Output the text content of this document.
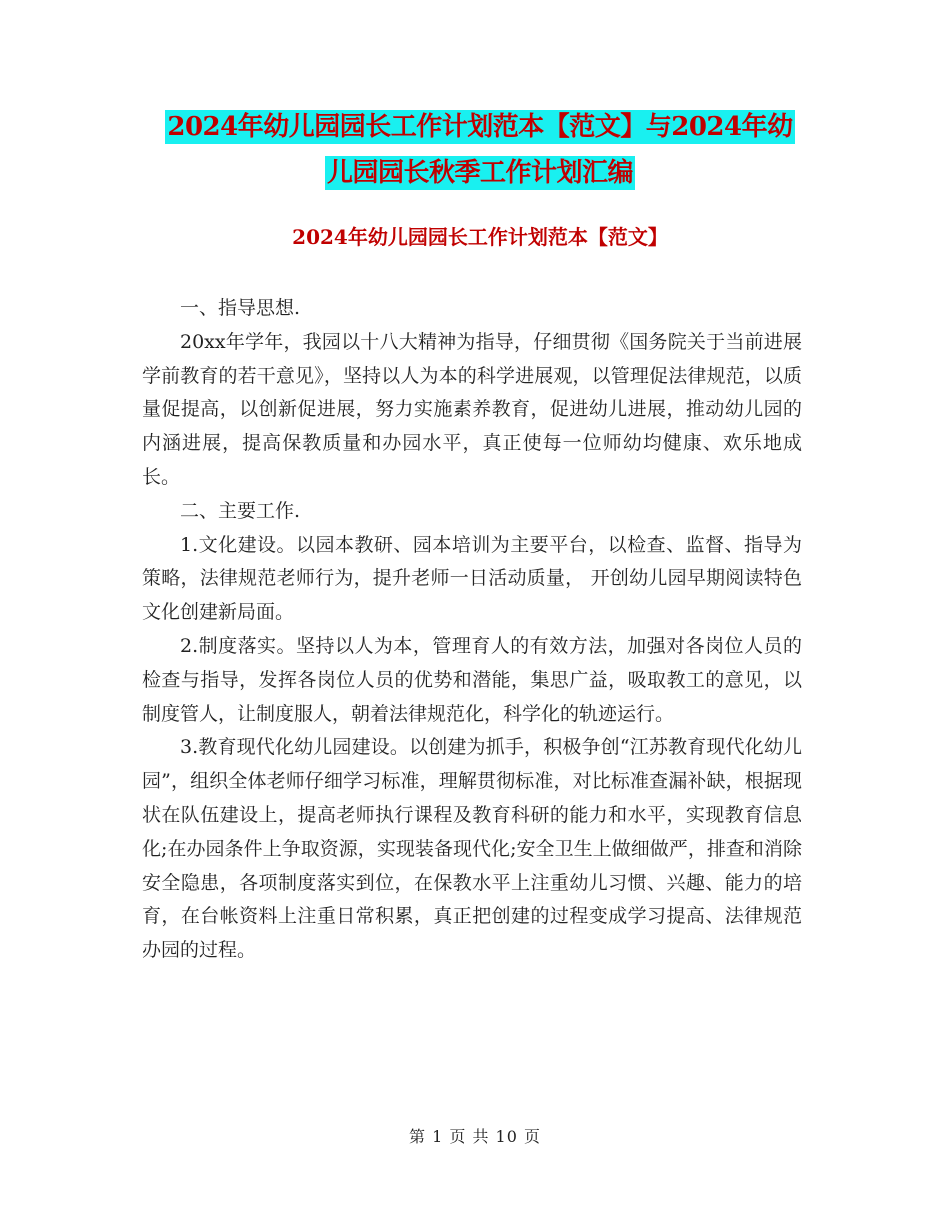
2024年幼儿园园长工作计划范本【范文】与2024年幼
儿园园长秋季工作计划汇编
2024年幼儿园园长工作计划范本【范文】

一、指导思想.

20xx年学年，我园以十八大精神为指导，仔细贯彻《国务院关于当前进展学前教育的若干意见》，坚持以人为本的科学进展观，以管理促法律规范，以质量促提高，以创新促进展，努力实施素养教育，促进幼儿进展，推动幼儿园的内涵进展，提高保教质量和办园水平，真正使每一位师幼均健康、欢乐地成长。

二、主要工作.

1.文化建设。以园本教研、园本培训为主要平台，以检查、监督、指导为策略，法律规范老师行为，提升老师一日活动质量， 开创幼儿园早期阅读特色文化创建新局面。

2.制度落实。坚持以人为本，管理育人的有效方法，加强对各岗位人员的检查与指导，发挥各岗位人员的优势和潜能，集思广益，吸取教工的意见，以制度管人，让制度服人，朝着法律规范化，科学化的轨迹运行。

3.教育现代化幼儿园建设。以创建为抓手，积极争创“江苏教育现代化幼儿园”，组织全体老师仔细学习标准，理解贯彻标准，对比标准查漏补缺，根据现状在队伍建设上，提高老师执行课程及教育科研的能力和水平，实现教育信息化;在办园条件上争取资源，实现装备现代化;安全卫生上做细做严，排查和消除安全隐患，各项制度落实到位，在保教水平上注重幼儿习惯、兴趣、能力的培育，在台帐资料上注重日常积累，真正把创建的过程变成学习提高、法律规范办园的过程。

第 1 页 共 10 页
